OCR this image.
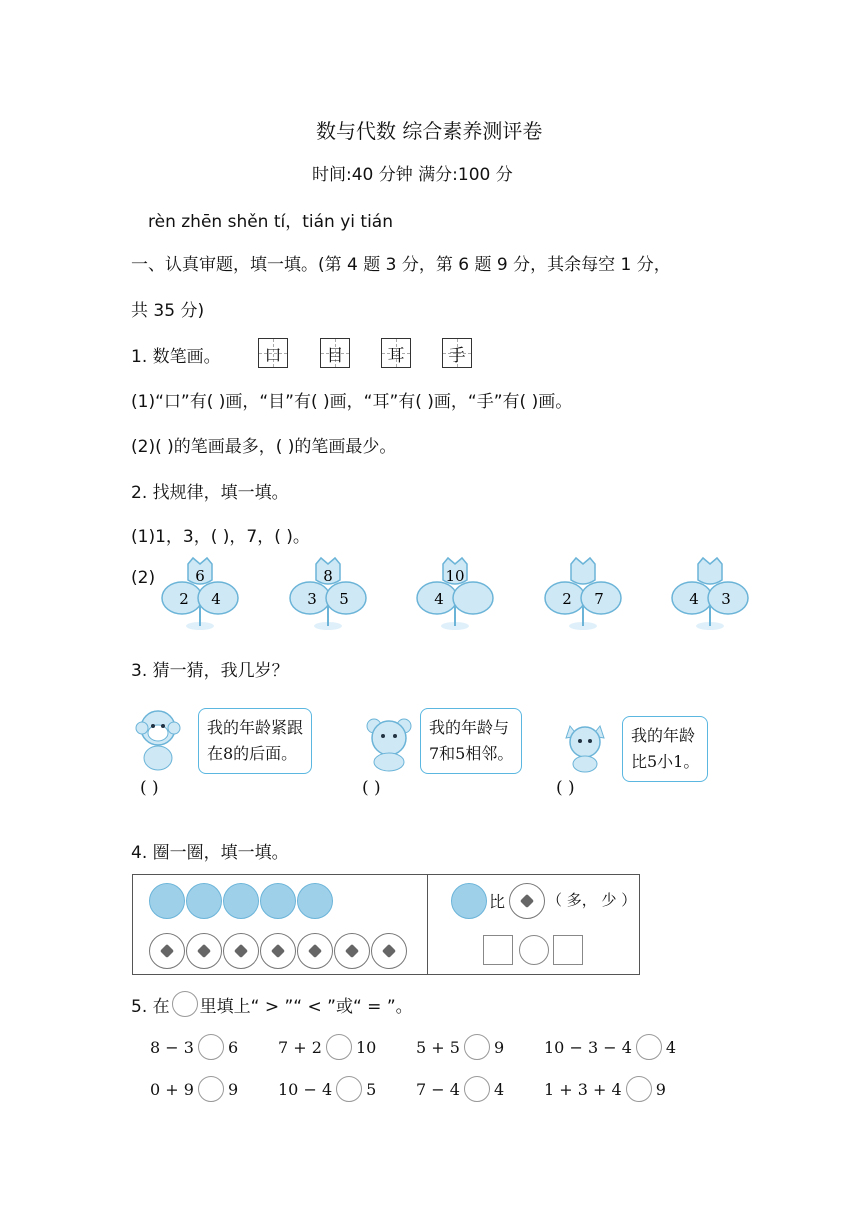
数与代数 综合素养测评卷
时间:40 分钟 满分:100 分
rèn zhēn shěn tí，tián yi tián
一、认真审题，填一填。(第 4 题 3 分，第 6 题 9 分，其余每空 1 分，
共 35 分)
1. 数笔画。	口	目	耳	手
(1)“口”有( )画，“目”有( )画，“耳”有( )画，“手”有( )画。
(2)( )的笔画最多，( )的笔画最少。
2. 找规律，填一填。
(1)1，3，( )，7，( )。
(2)	6
2 4
8
3 5
10
4	2 7	4 3
3. 猜一猜，我几岁？
我的年龄紧跟
在8的后面。
( )
我的年龄与
7和5相邻。
( )
我的年龄
比5小1。
( )
4. 圈一圈，填一填。
比	（ 多， 少 ）
5. 在 里填上“ > ”“ < ”或“ = ”。
8 − 3 6 7 + 2 10 5 + 5 9 10 − 3 − 4 4
0 + 9 9 10 − 4 5 7 − 4 4 1 + 3 + 4 9
